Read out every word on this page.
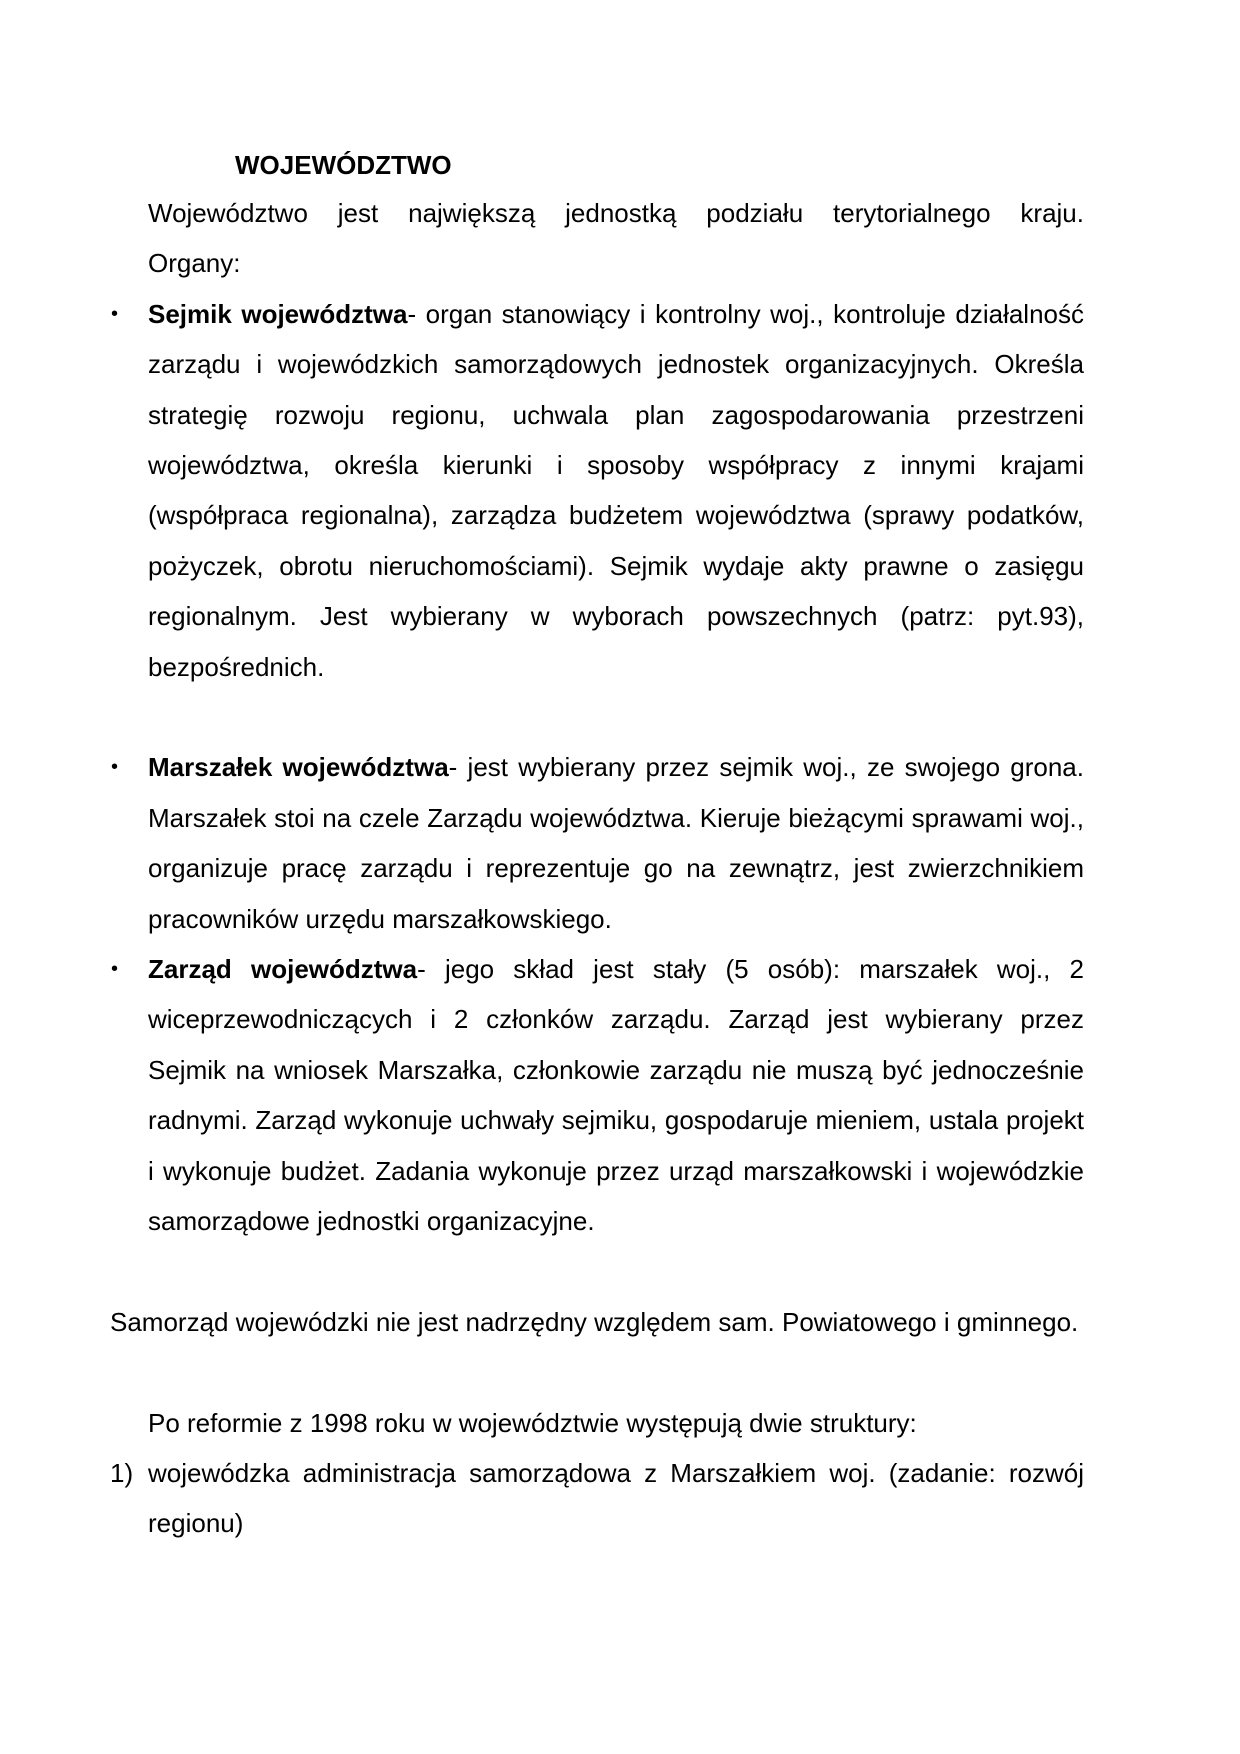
WOJEWÓDZTWO

Województwo jest największą jednostką podziału terytorialnego kraju.

Organy:

• Sejmik województwa- organ stanowiący i kontrolny woj., kontroluje działalność zarządu i wojewódzkich samorządowych jednostek organizacyjnych. Określa strategię rozwoju regionu, uchwala plan zagospodarowania przestrzeni województwa, określa kierunki i sposoby współpracy z innymi krajami (współpraca regionalna), zarządza budżetem województwa (sprawy podatków, pożyczek, obrotu nieruchomościami). Sejmik wydaje akty prawne o zasięgu regionalnym. Jest wybierany w wyborach powszechnych (patrz: pyt.93), bezpośrednich.
• Marszałek województwa- jest wybierany przez sejmik woj., ze swojego grona. Marszałek stoi na czele Zarządu województwa. Kieruje bieżącymi sprawami woj., organizuje pracę zarządu i reprezentuje go na zewnątrz, jest zwierzchnikiem pracowników urzędu marszałkowskiego.
• Zarząd województwa- jego skład jest stały (5 osób): marszałek woj., 2 wiceprzewodniczących i 2 członków zarządu. Zarząd jest wybierany przez Sejmik na wniosek Marszałka, członkowie zarządu nie muszą być jednocześnie radnymi. Zarząd wykonuje uchwały sejmiku, gospodaruje mieniem, ustala projekt i wykonuje budżet. Zadania wykonuje przez urząd marszałkowski i wojewódzkie samorządowe jednostki organizacyjne.

Samorząd wojewódzki nie jest nadrzędny względem sam. Powiatowego i gminnego.

Po reformie z 1998 roku w województwie występują dwie struktury:

1) wojewódzka administracja samorządowa z Marszałkiem woj. (zadanie: rozwój regionu)
